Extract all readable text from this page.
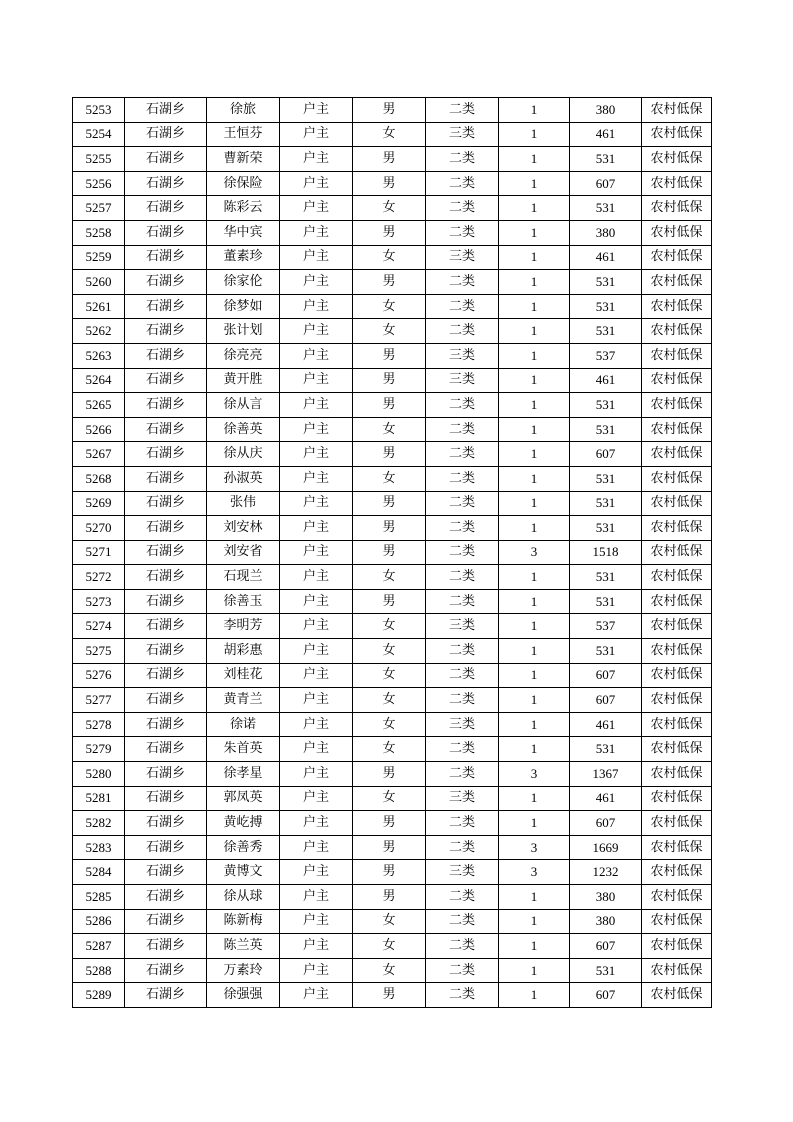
5253	石湖乡	徐旅	户主	男	二类	1	380	农村低保
5254	石湖乡	王恒芬	户主	女	三类	1	461	农村低保
5255	石湖乡	曹新荣	户主	男	二类	1	531	农村低保
5256	石湖乡	徐保险	户主	男	二类	1	607	农村低保
5257	石湖乡	陈彩云	户主	女	二类	1	531	农村低保
5258	石湖乡	华中宾	户主	男	二类	1	380	农村低保
5259	石湖乡	董素珍	户主	女	三类	1	461	农村低保
5260	石湖乡	徐家伦	户主	男	二类	1	531	农村低保
5261	石湖乡	徐梦如	户主	女	二类	1	531	农村低保
5262	石湖乡	张计划	户主	女	二类	1	531	农村低保
5263	石湖乡	徐亮亮	户主	男	三类	1	537	农村低保
5264	石湖乡	黄开胜	户主	男	三类	1	461	农村低保
5265	石湖乡	徐从言	户主	男	二类	1	531	农村低保
5266	石湖乡	徐善英	户主	女	二类	1	531	农村低保
5267	石湖乡	徐从庆	户主	男	二类	1	607	农村低保
5268	石湖乡	孙淑英	户主	女	二类	1	531	农村低保
5269	石湖乡	张伟	户主	男	二类	1	531	农村低保
5270	石湖乡	刘安林	户主	男	二类	1	531	农村低保
5271	石湖乡	刘安省	户主	男	二类	3	1518	农村低保
5272	石湖乡	石现兰	户主	女	二类	1	531	农村低保
5273	石湖乡	徐善玉	户主	男	二类	1	531	农村低保
5274	石湖乡	李明芳	户主	女	三类	1	537	农村低保
5275	石湖乡	胡彩惠	户主	女	二类	1	531	农村低保
5276	石湖乡	刘桂花	户主	女	二类	1	607	农村低保
5277	石湖乡	黄青兰	户主	女	二类	1	607	农村低保
5278	石湖乡	徐诺	户主	女	三类	1	461	农村低保
5279	石湖乡	朱首英	户主	女	二类	1	531	农村低保
5280	石湖乡	徐孝星	户主	男	二类	3	1367	农村低保
5281	石湖乡	郭凤英	户主	女	三类	1	461	农村低保
5282	石湖乡	黄屹搏	户主	男	二类	1	607	农村低保
5283	石湖乡	徐善秀	户主	男	二类	3	1669	农村低保
5284	石湖乡	黄博文	户主	男	三类	3	1232	农村低保
5285	石湖乡	徐从球	户主	男	二类	1	380	农村低保
5286	石湖乡	陈新梅	户主	女	二类	1	380	农村低保
5287	石湖乡	陈兰英	户主	女	二类	1	607	农村低保
5288	石湖乡	万素玲	户主	女	二类	1	531	农村低保
5289	石湖乡	徐强强	户主	男	二类	1	607	农村低保
